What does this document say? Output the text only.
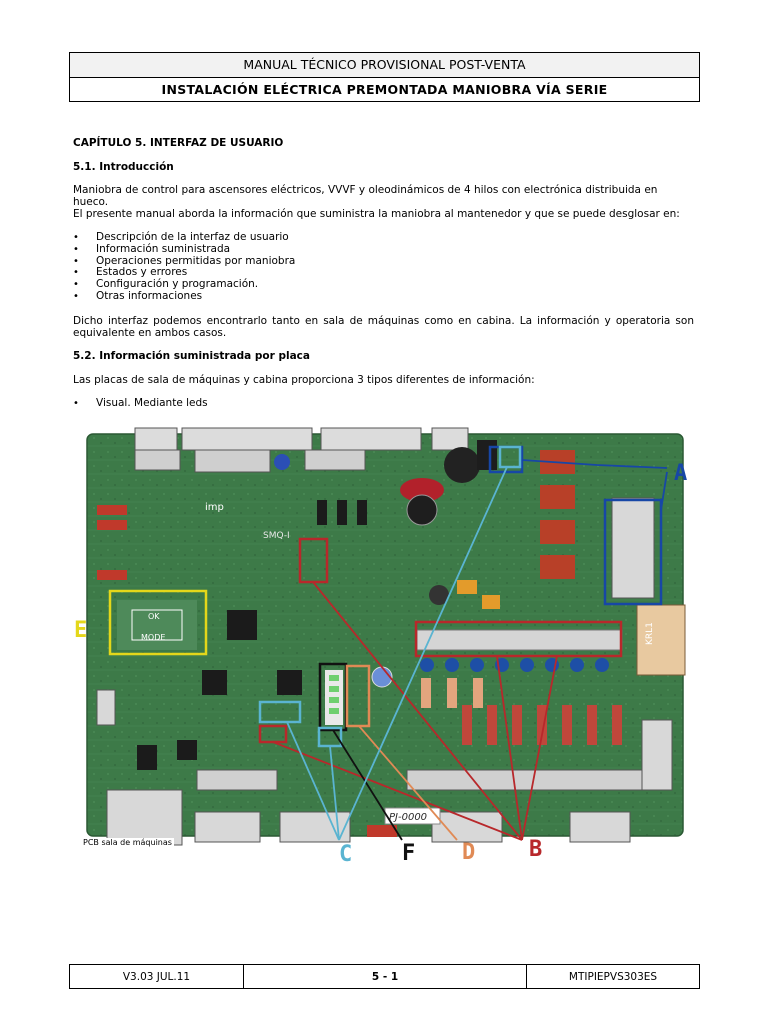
MANUAL TÉCNICO PROVISIONAL POST-VENTA
INSTALACIÓN ELÉCTRICA PREMONTADA MANIOBRA VÍA SERIE
CAPÍTULO 5. INTERFAZ DE USUARIO
5.1. Introducción
Maniobra de control para ascensores eléctricos, VVVF y oleodinámicos de 4 hilos con electrónica distribuida en hueco.
El presente manual aborda la información que suministra la maniobra al mantenedor y que se puede desglosar en:
• Descripción de la interfaz de usuario
• Información suministrada
• Operaciones permitidas por maniobra
• Estados y errores
• Configuración y programación.
• Otras informaciones
Dicho interfaz podemos encontrarlo tanto en sala de máquinas como en cabina. La información y operatoria son equivalente en ambos casos.
5.2. Información suministrada por placa
Las placas de sala de máquinas y cabina proporciona 3 tipos diferentes de información:
• Visual. Mediante leds
PJ-0000
KRL1
imp
SMQ-I
OK
MODE
A
B
C	D
E
F
PCB sala de máquinas
V3.03 JUL.11	5 - 1	MTIPIEPVS303ES
